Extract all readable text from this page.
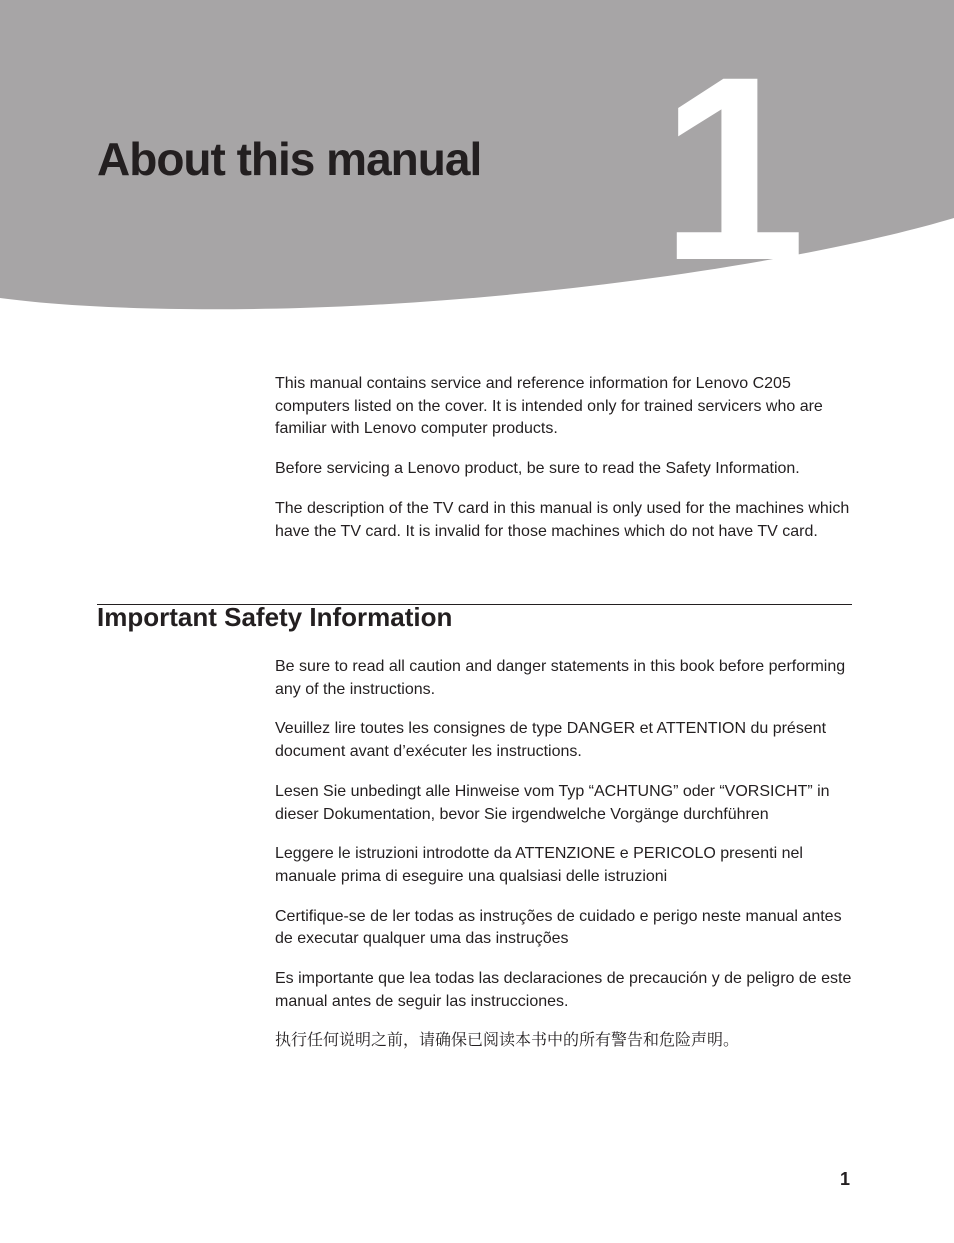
1
About this manual

This manual contains service and reference information for Lenovo C205 computers listed on the cover. It is intended only for trained servicers who are familiar with Lenovo computer products.

Before servicing a Lenovo product, be sure to read the Safety Information.

The description of the TV card in this manual is only used for the machines which have the TV card. It is invalid for those machines which do not have TV card.

Important Safety Information

Be sure to read all caution and danger statements in this book before performing any of the instructions.

Veuillez lire toutes les consignes de type DANGER et ATTENTION du présent document avant d’exécuter les instructions.

Lesen Sie unbedingt alle Hinweise vom Typ “ACHTUNG” oder “VORSICHT” in dieser Dokumentation, bevor Sie irgendwelche Vorgänge durchführen

Leggere le istruzioni introdotte da ATTENZIONE e PERICOLO presenti nel manuale prima di eseguire una qualsiasi delle istruzioni

Certifique-se de ler todas as instruções de cuidado e perigo neste manual antes de executar qualquer uma das instruções

Es importante que lea todas las declaraciones de precaución y de peligro de este manual antes de seguir las instrucciones.

执行任何说明之前，请确保已阅读本书中的所有警告和危险声明。

1
